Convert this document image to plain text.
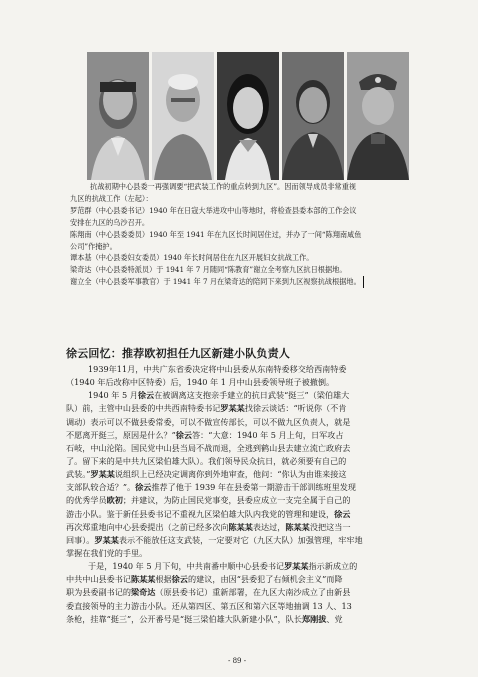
抗战初期中心县委一再强调要“把武装工作的重点转到九区”。因而领导成员非常重视
九区的抗战工作（左起）：
罗范群（中心县委书记）1940 年在日寇大举进攻中山等地时，将检查县委本部的工作会议
安排在九区的乌沙召开。
陈翔南（中心县委委员）1940 年至 1941 年在九区长时间居住过，并办了一间“陈翔南咸鱼
公司”作掩护。
谭本基（中心县委妇女委员）1940 年长时间居住在九区开展妇女抗战工作。
梁奇达（中心县委特派员）于 1941 年 7 月随同“陈教育”谢立全考察九区抗日根据地。
谢立全（中心县委军事教官）于 1941 年 7 月在梁奇达的陪同下来到九区视察抗战根据地。
徐云回忆：推荐欧初担任九区新建小队负责人
1939年11月，中共广东省委决定将中山县委从东南特委移交给西南特委
（1940 年后改称中区特委）后，1940 年 1 月中山县委领导班子被撤倒。
1940 年 5 月徐云在被调离这支抱亲手建立的抗日武装“挺三”（梁伯雄大
队）前，主管中山县委的中共西南特委书记罗某某找徐云谈话：“听说你（不肯
调动）表示可以不做县委常委，可以不做宣传部长，可以不做九区负责人，就是
不愿离开挺三，原因是什么？”徐云答：“大意：1940 年 5 月上旬，日军攻占
石岐，中山沦陷。国民党中山县当局不战而退，全逃到鹤山县去建立流亡政府去
了。留下来的是中共九区梁伯雄大队）。我们领导民众抗日，就必须要有自己的
武装。”罗某某说组织上已经决定调离你到外地审查，他问：“你认为由谁来接这
支部队较合适？”。徐云推荐了他于 1939 年在县委第一期游击干部训练班里发现
的优秀学员欧初；并建议，为防止国民党事变，县委应成立一支完全属于自己的
游击小队。鉴于新任县委书记不重视九区梁伯雄大队内我党的管理和建设，徐云
再次郑重地向中心县委提出（之前已经多次向陈某某表达过，陈某某没把这当一
回事）。罗某某表示不能放任这支武装，一定要对它（九区大队）加强管理，牢牢地
掌握在我们党的手里。
于是，1940 年 5 月下旬，中共南番中顺中心县委书记罗某某指示新成立的
中共中山县委书记陈某某根据徐云的建议，由因“县委犯了右倾机会主义”而降
职为县委副书记的梁奇达（原县委书记）重新部署，在九区大南沙成立了由新县
委直接领导的主力游击小队。还从第四区、第五区和第六区等地抽调 13 人、13
条枪，挂靠“挺三”，公开番号是“挺三梁伯雄大队新建小队”，队长郑刚拔、党
- 89 -
